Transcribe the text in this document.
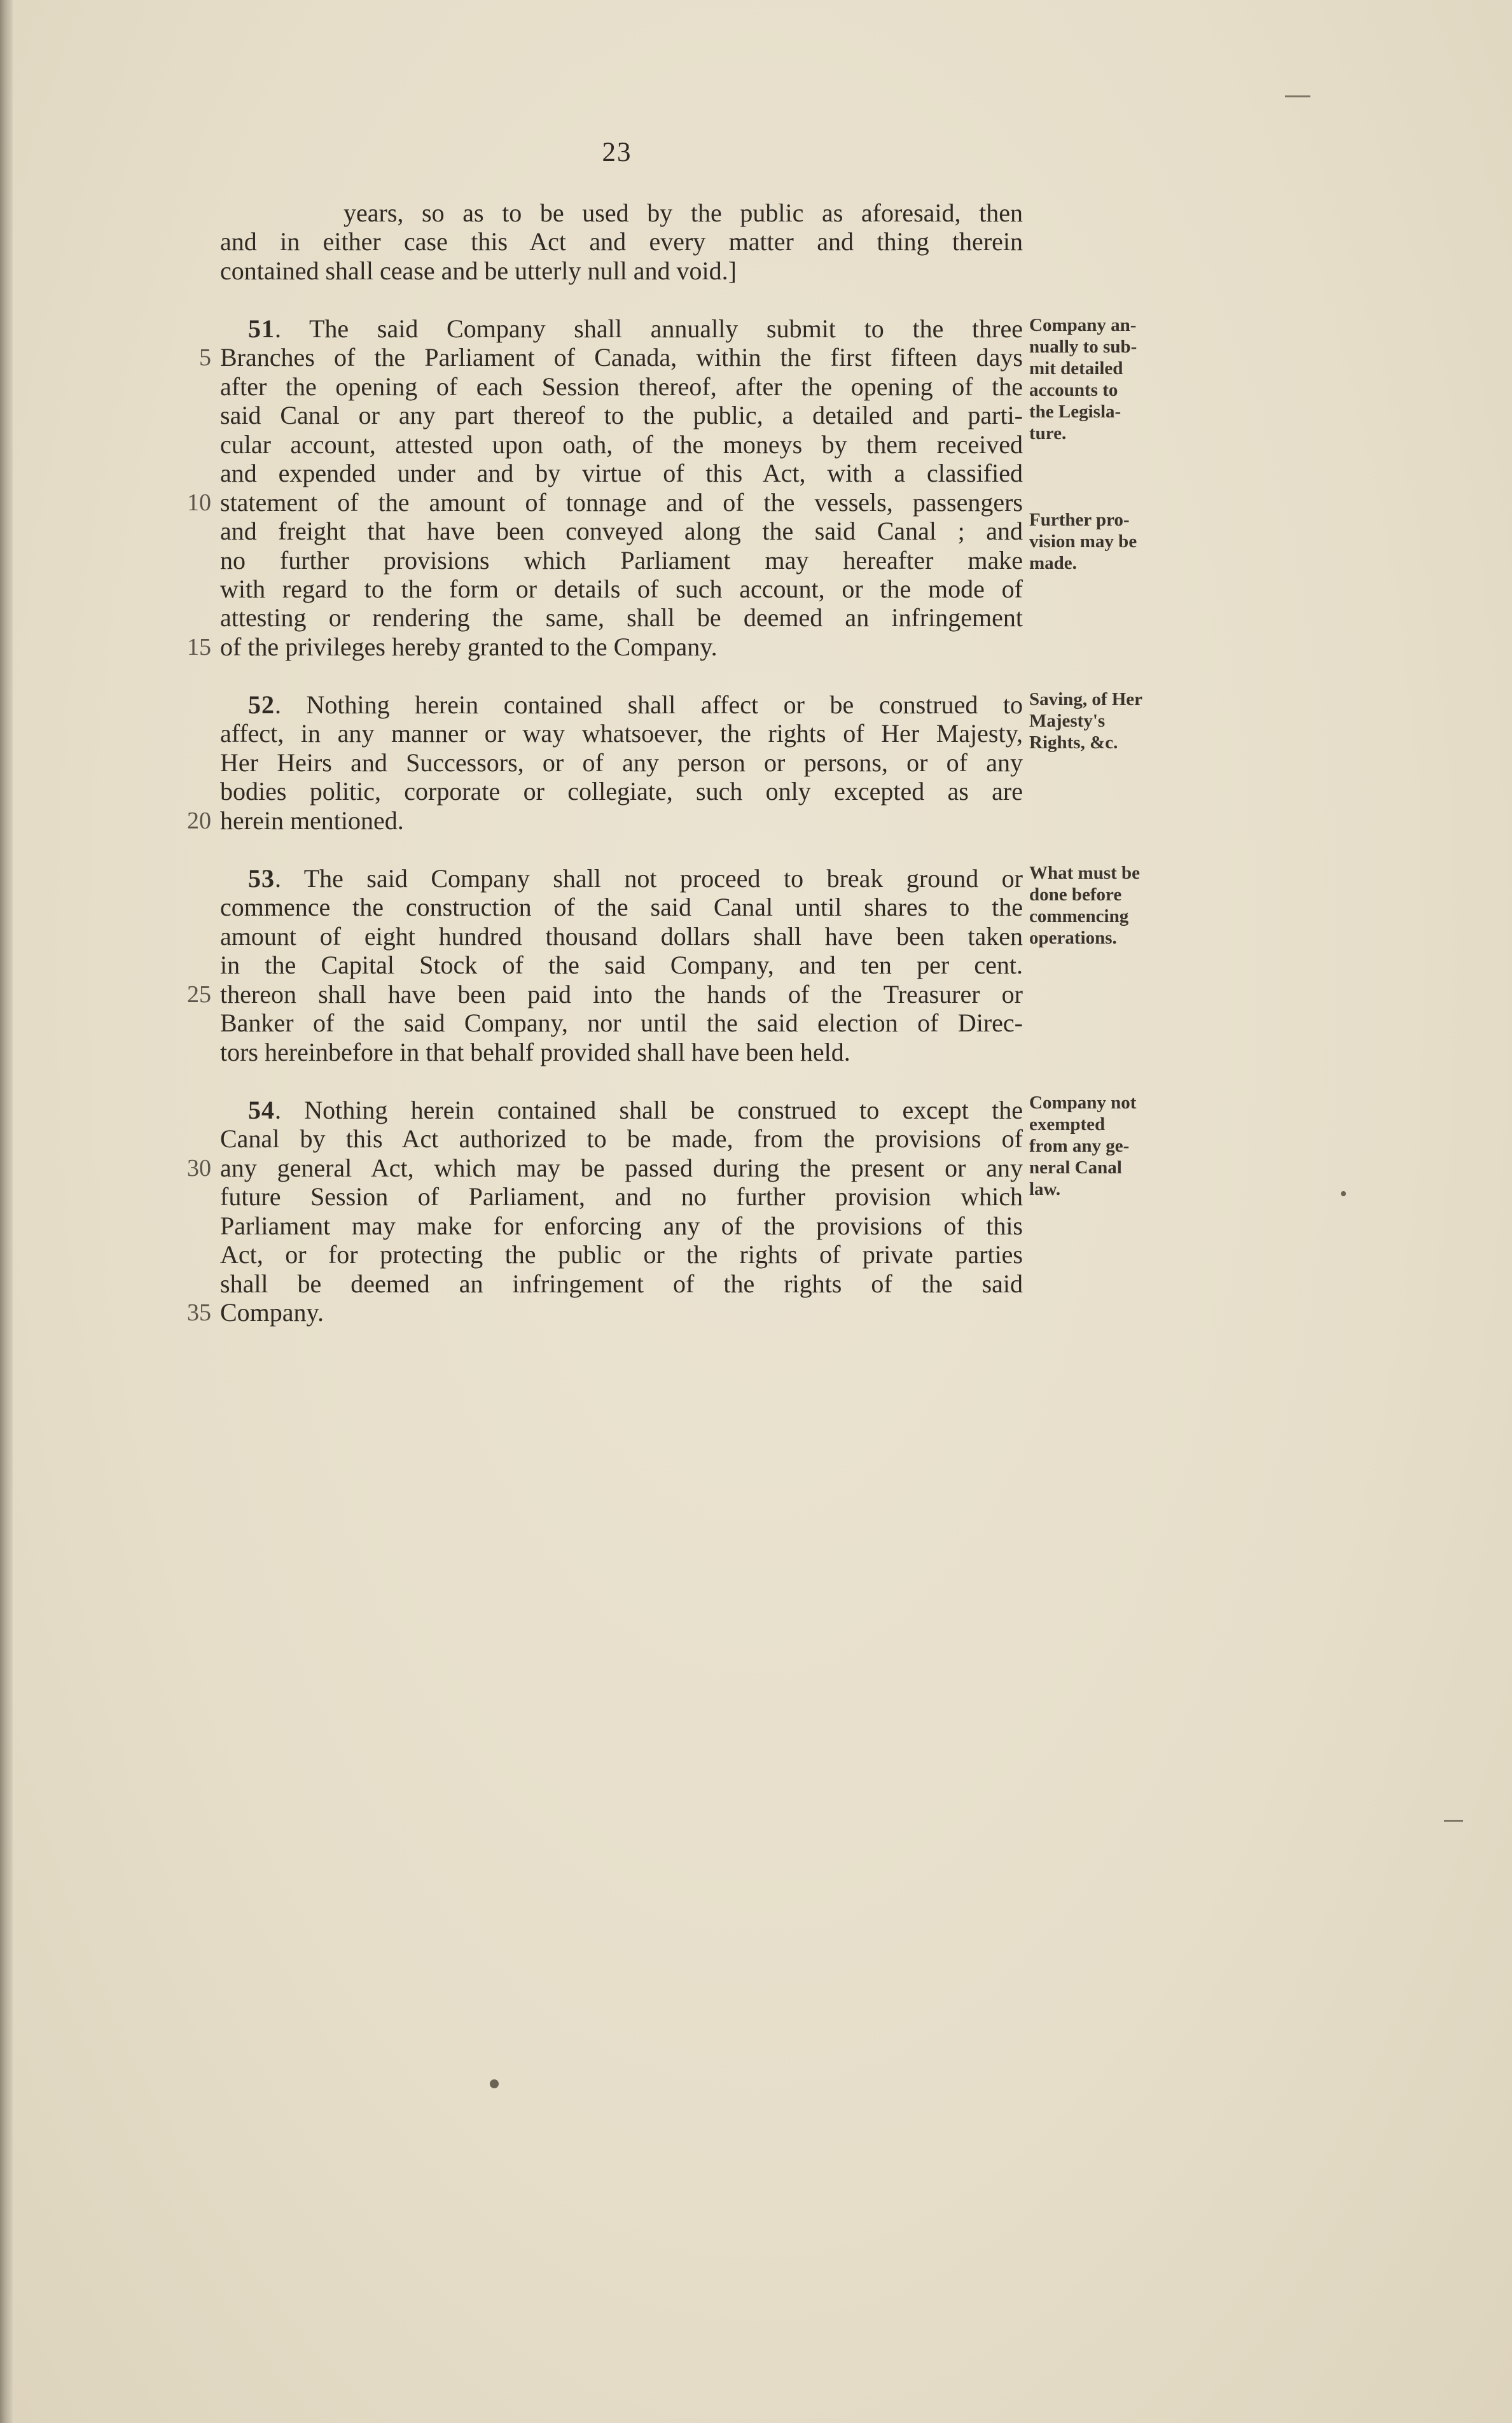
23
years, so as to be used by the public as aforesaid, then
and in either case this Act and every matter and thing therein
contained shall cease and be utterly null and void.]
51. The said Company shall annually submit to the three
Branches of the Parliament of Canada, within the first fifteen days
after the opening of each Session thereof, after the opening of the
said Canal or any part thereof to the public, a detailed and parti-
cular account, attested upon oath, of the moneys by them received
and expended under and by virtue of this Act, with a classified
statement of the amount of tonnage and of the vessels, passengers
and freight that have been conveyed along the said Canal ; and
no further provisions which Parliament may hereafter make
with regard to the form or details of such account, or the mode of
attesting or rendering the same, shall be deemed an infringement
of the privileges hereby granted to the Company.
52. Nothing herein contained shall affect or be construed to
affect, in any manner or way whatsoever, the rights of Her Majesty,
Her Heirs and Successors, or of any person or persons, or of any
bodies politic, corporate or collegiate, such only excepted as are
herein mentioned.
53. The said Company shall not proceed to break ground or
commence the construction of the said Canal until shares to the
amount of eight hundred thousand dollars shall have been taken
in the Capital Stock of the said Company, and ten per cent.
thereon shall have been paid into the hands of the Treasurer or
Banker of the said Company, nor until the said election of Direc-
tors hereinbefore in that behalf provided shall have been held.
54. Nothing herein contained shall be construed to except the
Canal by this Act authorized to be made, from the provisions of
any general Act, which may be passed during the present or any
future Session of Parliament, and no further provision which
Parliament may make for enforcing any of the provisions of this
Act, or for protecting the public or the rights of private parties
shall be deemed an infringement of the rights of the said
Company.
5
10
15
20
25
30
35
Company an-
nually to sub-
mit detailed
accounts to
the Legisla-
ture.
Further pro-
vision may be
made.
Saving, of Her
Majesty's
Rights, &c.
What must be
done before
commencing
operations.
Company not
exempted
from any ge-
neral Canal
law.
